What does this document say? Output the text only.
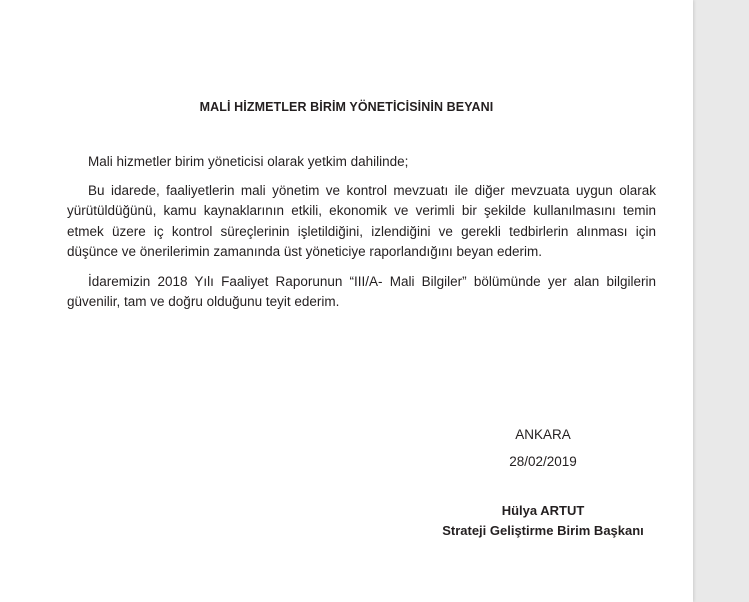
MALİ HİZMETLER BİRİM YÖNETİCİSİNİN BEYANI

Mali hizmetler birim yöneticisi olarak yetkim dahilinde;

Bu idarede, faaliyetlerin mali yönetim ve kontrol mevzuatı ile diğer mevzuata uygun olarak yürütüldüğünü, kamu kaynaklarının etkili, ekonomik ve verimli bir şekilde kullanılmasını temin etmek üzere iç kontrol süreçlerinin işletildiğini, izlendiğini ve gerekli tedbirlerin alınması için düşünce ve önerilerimin zamanında üst yöneticiye raporlandığını beyan ederim.

İdaremizin 2018 Yılı Faaliyet Raporunun “III/A- Mali Bilgiler” bölümünde yer alan bilgilerin güvenilir, tam ve doğru olduğunu teyit ederim.

ANKARA
28/02/2019
Hülya ARTUT
Strateji Geliştirme Birim Başkanı
